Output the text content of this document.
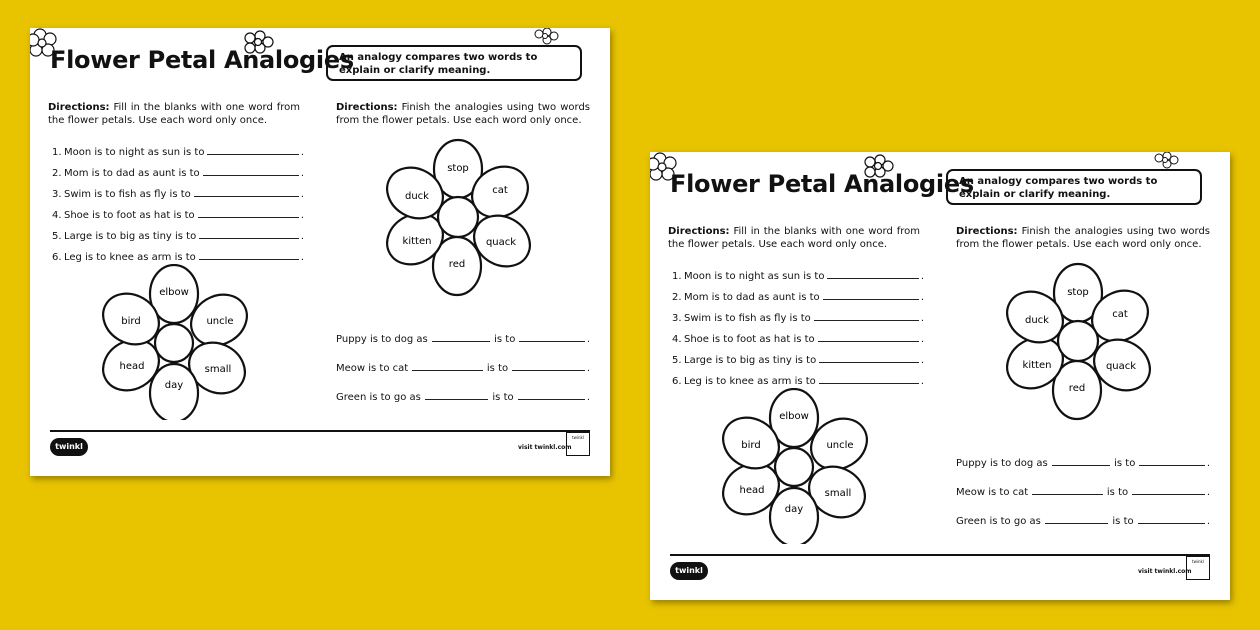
Flower Petal Analogies
An analogy compares two words to explain or clarify meaning.
Directions: Fill in the blanks with one word from the flower petals. Use each word only once.
Directions: Finish the analogies using two words from the flower petals. Use each word only once.
1. Moon is to night as sun is to	.
2. Mom is to dad as aunt is to	.
3. Swim is to fish as fly is to	.
4. Shoe is to foot as hat is to	.
5. Large is to big as tiny is to	.
6. Leg is to knee as arm is to	.
elbow
uncle
small
day
head
bird
stop
cat
quack
red
kitten
duck
Puppy is to dog as	is to	.
Meow is to cat	is to	.
Green is to go as	is to	.
twinkl	visit twinkl.com
twinkl
Flower Petal Analogies
An analogy compares two words to explain or clarify meaning.
Directions: Fill in the blanks with one word from the flower petals. Use each word only once.
Directions: Finish the analogies using two words from the flower petals. Use each word only once.
1. Moon is to night as sun is to	.
2. Mom is to dad as aunt is to	.
3. Swim is to fish as fly is to	.
4. Shoe is to foot as hat is to	.
5. Large is to big as tiny is to	.
6. Leg is to knee as arm is to	.
elbow
uncle
small
day
head
bird
stop
cat
quack
red
kitten
duck
Puppy is to dog as	is to	.
Meow is to cat	is to	.
Green is to go as	is to	.
twinkl	visit twinkl.com
twinkl
